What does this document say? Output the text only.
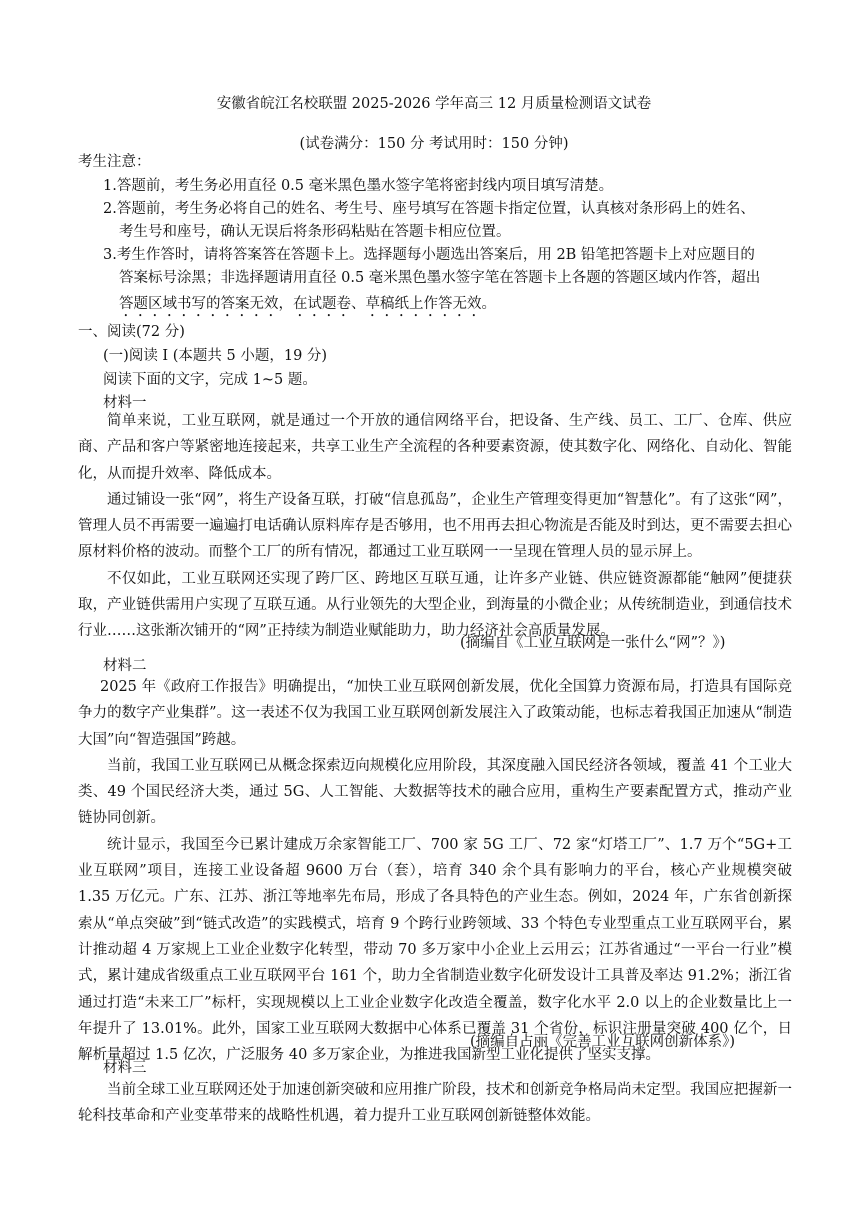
安徽省皖江名校联盟 2025-2026 学年高三 12 月质量检测语文试卷
(试卷满分：150 分 考试用时：150 分钟)
考生注意：
1.答题前，考生务必用直径 0.5 毫米黑色墨水签字笔将密封线内项目填写清楚。
2.答题前，考生务必将自己的姓名、考生号、座号填写在答题卡指定位置，认真核对条形码上的姓名、
考生号和座号，确认无误后将条形码粘贴在答题卡相应位置。
3.考生作答时，请将答案答在答题卡上。选择题每小题选出答案后，用 2B 铅笔把答题卡上对应题目的
答案标号涂黑；非选择题请用直径 0.5 毫米黑色墨水签字笔在答题卡上各题的答题区域内作答，超出
答题区域书写的答案无效，在试题卷、草稿纸上作答无效。
一、阅读(72 分)
(一)阅读 I (本题共 5 小题，19 分)
阅读下面的文字，完成 1~5 题。
材料一

简单来说，工业互联网，就是通过一个开放的通信网络平台，把设备、生产线、员工、工厂、仓库、供应商、产品和客户等紧密地连接起来，共享工业生产全流程的各种要素资源，使其数字化、网络化、自动化、智能化，从而提升效率、降低成本。

通过铺设一张“网”，将生产设备互联，打破“信息孤岛”，企业生产管理变得更加“智慧化”。有了这张“网”，管理人员不再需要一遍遍打电话确认原料库存是否够用，也不用再去担心物流是否能及时到达，更不需要去担心原材料价格的波动。而整个工厂的所有情况，都通过工业互联网一一呈现在管理人员的显示屏上。

不仅如此，工业互联网还实现了跨厂区、跨地区互联互通，让许多产业链、供应链资源都能“触网”便捷获取，产业链供需用户实现了互联互通。从行业领先的大型企业，到海量的小微企业；从传统制造业，到通信技术行业……这张渐次铺开的“网”正持续为制造业赋能助力，助力经济社会高质量发展。

(摘编自《工业互联网是一张什么“网”？》)
材料二

2025 年《政府工作报告》明确提出，“加快工业互联网创新发展，优化全国算力资源布局，打造具有国际竞争力的数字产业集群”。这一表述不仅为我国工业互联网创新发展注入了政策动能，也标志着我国正加速从“制造大国”向“智造强国”跨越。

当前，我国工业互联网已从概念探索迈向规模化应用阶段，其深度融入国民经济各领域，覆盖 41 个工业大类、49 个国民经济大类，通过 5G、人工智能、大数据等技术的融合应用，重构生产要素配置方式，推动产业链协同创新。

统计显示，我国至今已累计建成万余家智能工厂、700 家 5G 工厂、72 家“灯塔工厂”、1.7 万个“5G+工业互联网”项目，连接工业设备超 9600 万台（套），培育 340 余个具有影响力的平台，核心产业规模突破 1.35 万亿元。广东、江苏、浙江等地率先布局，形成了各具特色的产业生态。例如，2024 年，广东省创新探索从“单点突破”到“链式改造”的实践模式，培育 9 个跨行业跨领域、33 个特色专业型重点工业互联网平台，累计推动超 4 万家规上工业企业数字化转型，带动 70 多万家中小企业上云用云；江苏省通过“一平台一行业”模式，累计建成省级重点工业互联网平台 161 个，助力全省制造业数字化研发设计工具普及率达 91.2%；浙江省通过打造“未来工厂”标杆，实现规模以上工业企业数字化改造全覆盖，数字化水平 2.0 以上的企业数量比上一年提升了 13.01%。此外，国家工业互联网大数据中心体系已覆盖 31 个省份，标识注册量突破 400 亿个，日解析量超过 1.5 亿次，广泛服务 40 多万家企业，为推进我国新型工业化提供了坚实支撑。

(摘编自占丽《完善工业互联网创新体系》)
材料三

当前全球工业互联网还处于加速创新突破和应用推广阶段，技术和创新竞争格局尚未定型。我国应把握新一轮科技革命和产业变革带来的战略性机遇，着力提升工业互联网创新链整体效能。
